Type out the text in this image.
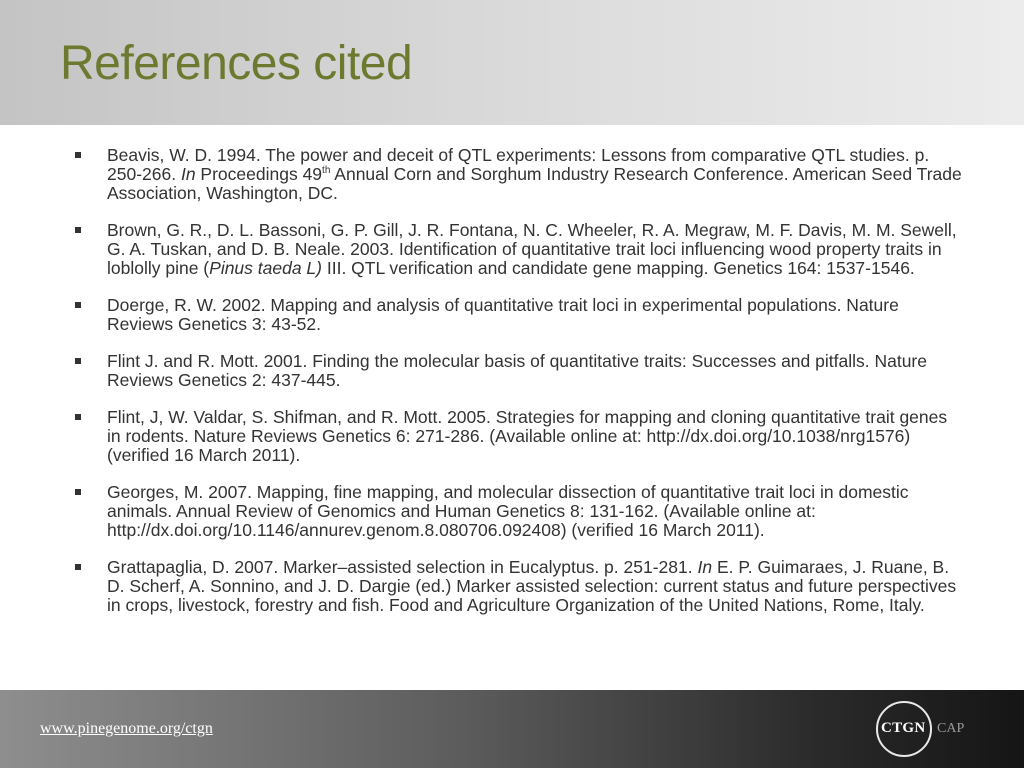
References cited
Beavis, W. D. 1994. The power and deceit of QTL experiments: Lessons from comparative QTL studies. p. 250-266. In Proceedings 49th Annual Corn and Sorghum Industry Research Conference. American Seed Trade Association, Washington, DC.
Brown, G. R., D. L. Bassoni, G. P. Gill, J. R. Fontana, N. C. Wheeler, R. A. Megraw, M. F. Davis, M. M. Sewell, G. A. Tuskan, and D. B. Neale. 2003. Identification of quantitative trait loci influencing wood property traits in loblolly pine (Pinus taeda L) III. QTL verification and candidate gene mapping. Genetics 164: 1537-1546.
Doerge, R. W. 2002. Mapping and analysis of quantitative trait loci in experimental populations. Nature Reviews Genetics 3: 43-52.
Flint J. and R. Mott. 2001. Finding the molecular basis of quantitative traits: Successes and pitfalls. Nature Reviews Genetics 2: 437-445.
Flint, J, W. Valdar, S. Shifman, and R. Mott. 2005. Strategies for mapping and cloning quantitative trait genes in rodents. Nature Reviews Genetics 6: 271-286. (Available online at: http://dx.doi.org/10.1038/nrg1576) (verified 16 March 2011).
Georges, M. 2007. Mapping, fine mapping, and molecular dissection of quantitative trait loci in domestic animals. Annual Review of Genomics and Human Genetics 8: 131-162. (Available online at: http://dx.doi.org/10.1146/annurev.genom.8.080706.092408) (verified 16 March 2011).
Grattapaglia, D. 2007. Marker–assisted selection in Eucalyptus. p. 251-281. In E. P. Guimaraes, J. Ruane, B. D. Scherf, A. Sonnino, and J. D. Dargie (ed.) Marker assisted selection: current status and future perspectives in crops, livestock, forestry and fish. Food and Agriculture Organization of the United Nations, Rome, Italy.
www.pinegenome.org/ctgn	CTGN CAP
